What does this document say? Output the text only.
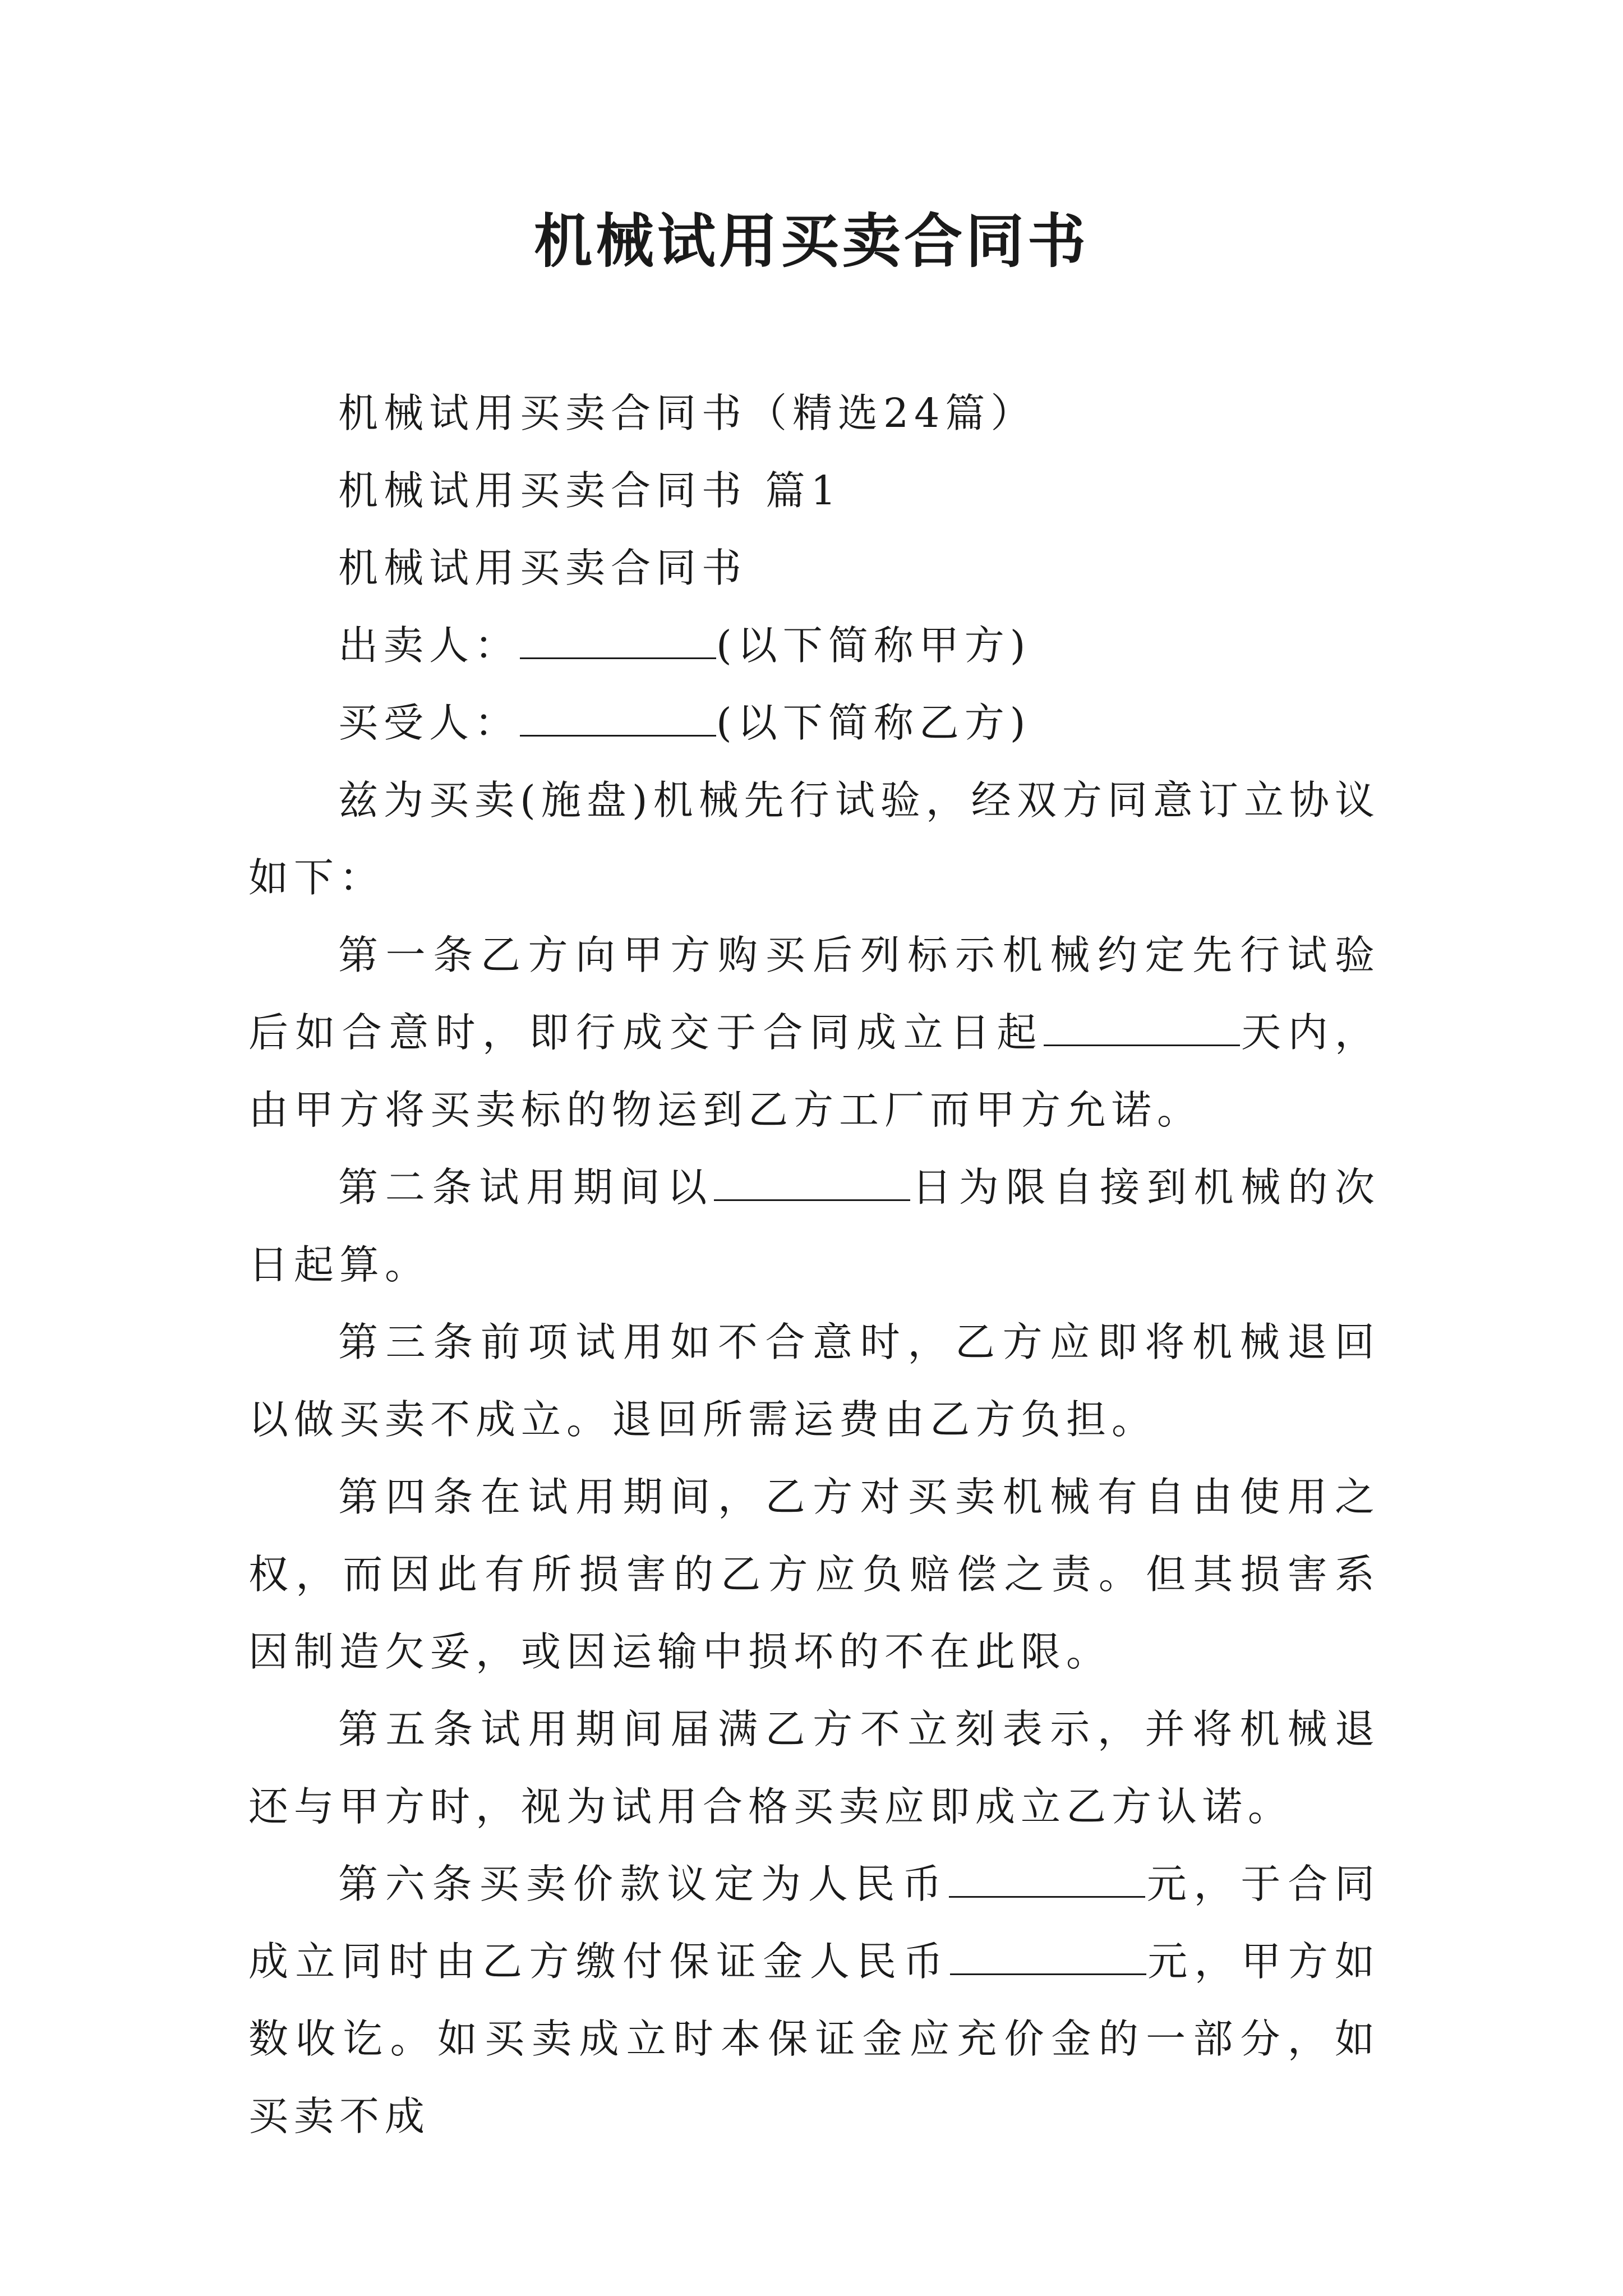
机械试用买卖合同书

机械试用买卖合同书（精选24篇）

机械试用买卖合同书 篇1

机械试用买卖合同书

出卖人：	(以下简称甲方)

买受人：	(以下简称乙方)

兹为买卖(施盘)机械先行试验，经双方同意订立协议如下：

第一条乙方向甲方购买后列标示机械约定先行试验后如合意时，即行成交于合同成立日起	天内，由甲方将买卖标的物运到乙方工厂而甲方允诺。

第二条试用期间以	日为限自接到机械的次日起算。

第三条前项试用如不合意时，乙方应即将机械退回以做买卖不成立。退回所需运费由乙方负担。

第四条在试用期间，乙方对买卖机械有自由使用之权，而因此有所损害的乙方应负赔偿之责。但其损害系因制造欠妥，或因运输中损坏的不在此限。

第五条试用期间届满乙方不立刻表示，并将机械退还与甲方时，视为试用合格买卖应即成立乙方认诺。

第六条买卖价款议定为人民币	元，于合同成立同时由乙方缴付保证金人民币	元，甲方如数收讫。如买卖成立时本保证金应充价金的一部分，如买卖不成
